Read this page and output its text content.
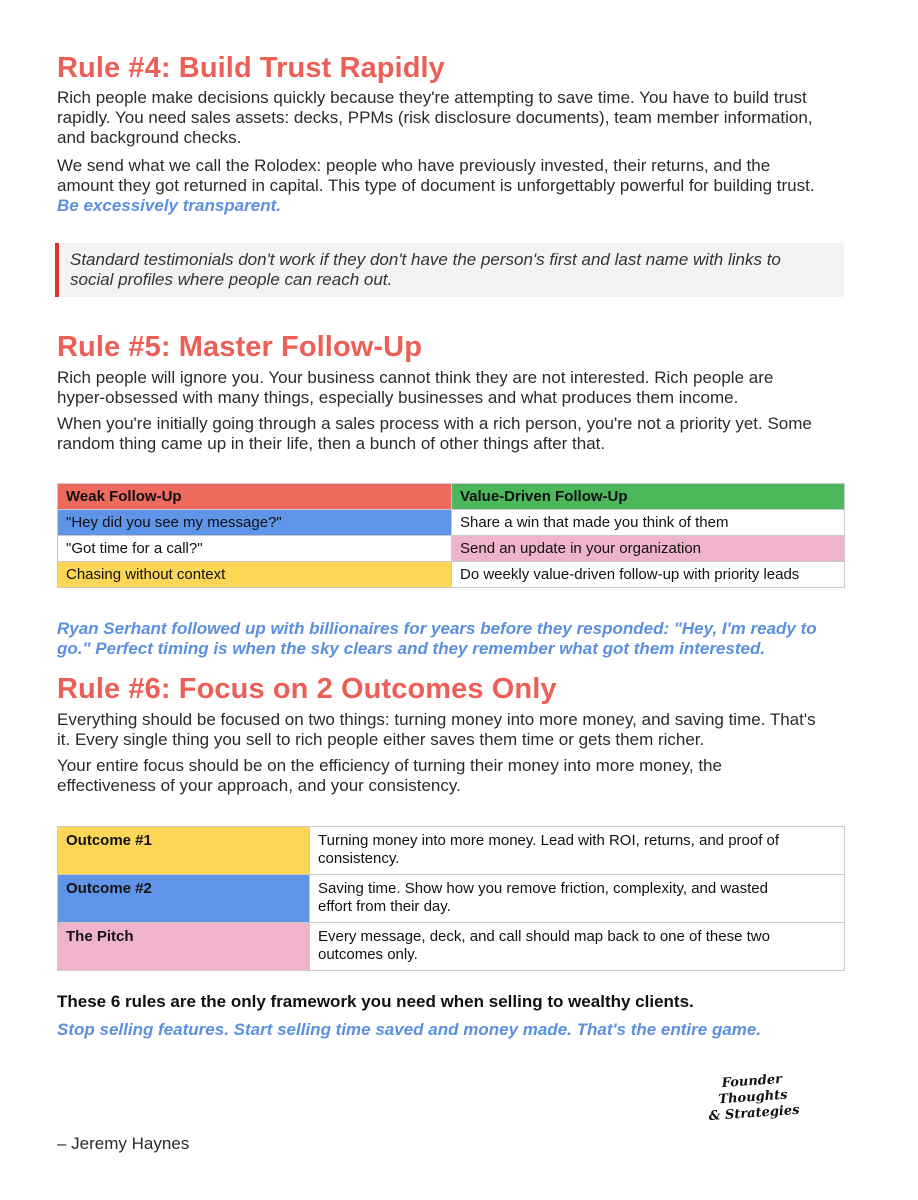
Rule #4: Build Trust Rapidly

Rich people make decisions quickly because they're attempting to save time. You have to build trust

rapidly. You need sales assets: decks, PPMs (risk disclosure documents), team member information,

and background checks.

We send what we call the Rolodex: people who have previously invested, their returns, and the

amount they got returned in capital. This type of document is unforgettably powerful for building trust.

Be excessively transparent.

Standard testimonials don't work if they don't have the person's first and last name with links to

social profiles where people can reach out.

Rule #5: Master Follow-Up

Rich people will ignore you. Your business cannot think they are not interested. Rich people are

hyper-obsessed with many things, especially businesses and what produces them income.

When you're initially going through a sales process with a rich person, you're not a priority yet. Some

random thing came up in their life, then a bunch of other things after that.

Weak Follow-Up	Value-Driven Follow-Up
"Hey did you see my message?"	Share a win that made you think of them
"Got time for a call?"	Send an update in your organization
Chasing without context	Do weekly value-driven follow-up with priority leads

Ryan Serhant followed up with billionaires for years before they responded: "Hey, I'm ready to

go." Perfect timing is when the sky clears and they remember what got them interested.

Rule #6: Focus on 2 Outcomes Only

Everything should be focused on two things: turning money into more money, and saving time. That's

it. Every single thing you sell to rich people either saves them time or gets them richer.

Your entire focus should be on the efficiency of turning their money into more money, the

effectiveness of your approach, and your consistency.

Outcome #1	Turning money into more money. Lead with ROI, returns, and proof of
consistency.

Outcome #2	Saving time. Show how you remove friction, complexity, and wasted
effort from their day.

The Pitch	Every message, deck, and call should map back to one of these two
outcomes only.

These 6 rules are the only framework you need when selling to wealthy clients.

Stop selling features. Start selling time saved and money made. That's the entire game.

Founder Thoughts
& Strategies

– Jeremy Haynes
